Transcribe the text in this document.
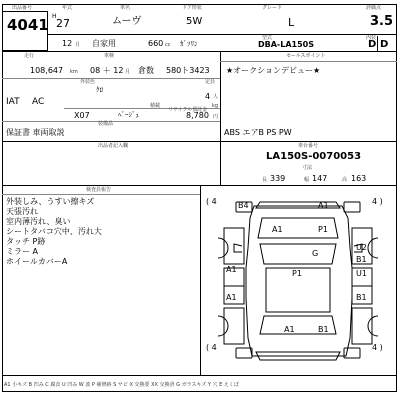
出品番号
4041
年式	車名	ドア形状	グレード	評価点
H
27	ムーヴ	5W	L	3.5
12 月 自家用	660 cc ｶﾞｿﾘﾝ
型式
DBA-LA150S
内装
D D
走行	車検
108,647 km 08 ＋ 12 月 倉数 580ト3423
IAT AC
外装色
ｸﾛ
定員
4 人
積載	kg
X07	ﾍﾞｰｼﾞｭ
リサイクル預託金
8,780 円
装備品
保証書 車両取説
セールスポイント
★オークションデビュー★
ABS エアB PS PW
出品者記入欄	車台番号
LA150S-0070053
寸法
長 339	幅 147	高 163
検査員報告
外装しみ、うすい擦キズ
天張汚れ
室内薄汚れ、臭い
シートタバコ穴中、汚れ大
タッチ P跡
ミラー A
ホイールカバーA
( 4	4 )
( 4	4 )
B4
A1	P1
G
U2
B1
A1	U1
P1
A1
A1	B1
B1
A1
A1 小キズ B 凹み C 腐食 U 凹み W 波 P 補修跡 S サビ X 交換要 XX 交換済 G ガラスキズ Y 穴 E えくぼ
